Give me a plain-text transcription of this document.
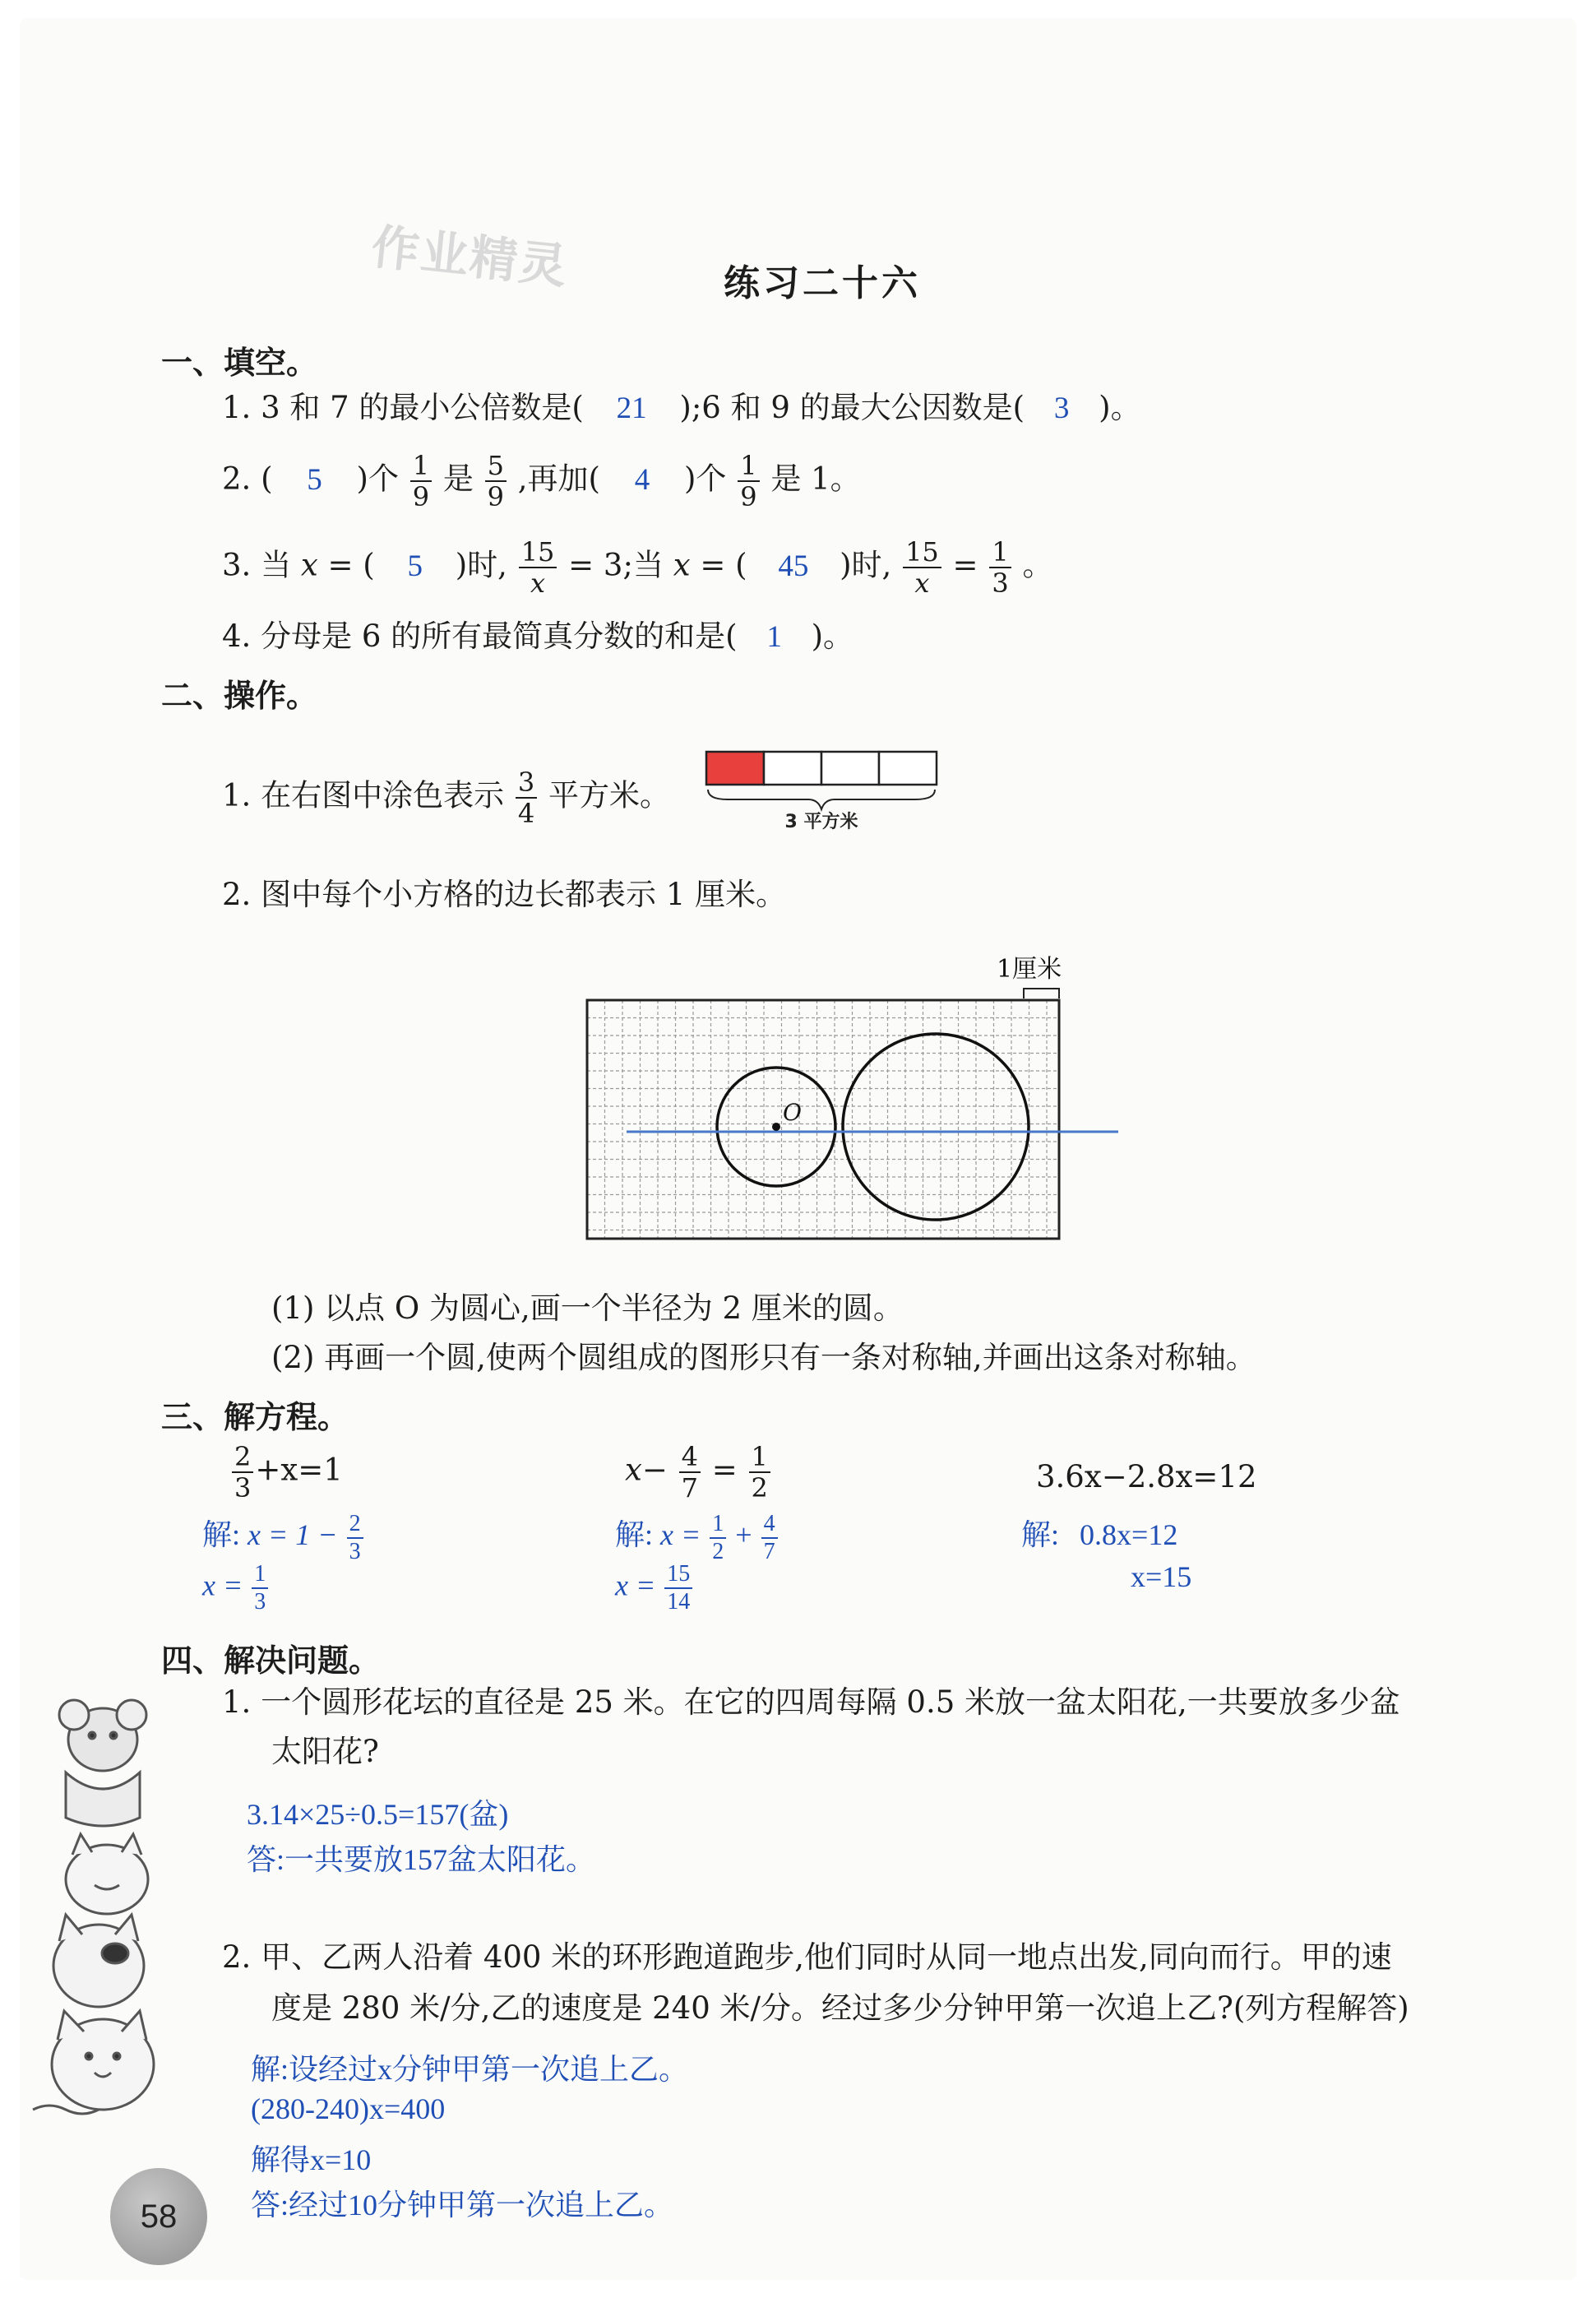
作业精灵	练习二十六
一、填空。
1. 3 和 7 的最小公倍数是( 21 );6 和 9 的最大公因数是( 3 )。
2. ( 5 )个 $\frac{1}{9}$ 是 $\frac{5}{9}$ ,再加( 4 )个 $\frac{1}{9}$ 是 1。
3. 当 x = ( 5 )时, $\frac{15}{x} = 3$;当 x = ( 45 )时, $\frac{15}{x} = \frac{1}{3}$ 。
4. 分母是 6 的所有最简真分数的和是( 1 )。
二、操作。
1. 在右图中涂色表示 $\frac{3}{4}$ 平方米。
3 平方米
2. 图中每个小方格的边长都表示 1 厘米。
O
1厘米
(1) 以点 O 为圆心,画一个半径为 2 厘米的圆。
(2) 再画一个圆,使两个圆组成的图形只有一条对称轴,并画出这条对称轴。
三、解方程。
$\frac{2}{3} +x=1$
解: $x = 1 - \frac{2}{3}$
$x = \frac{1}{3}$
$x- \frac{4}{7} = \frac{1}{2}$
解: $x = \frac{1}{2} + \frac{4}{7}$
$x = \frac{15}{14}$
3.6x−2.8x=12
解: 0.8x=12
x=15
四、解决问题。
1. 一个圆形花坛的直径是 25 米。在它的四周每隔 0.5 米放一盆太阳花,一共要放多少盆
太阳花?
3.14×25÷0.5=157(盆)
答:一共要放157盆太阳花。
2. 甲、乙两人沿着 400 米的环形跑道跑步,他们同时从同一地点出发,同向而行。甲的速
度是 280 米/分,乙的速度是 240 米/分。经过多少分钟甲第一次追上乙?(列方程解答)
解:设经过x分钟甲第一次追上乙。
(280-240)x=400
解得x=10
答:经过10分钟甲第一次追上乙。
58
